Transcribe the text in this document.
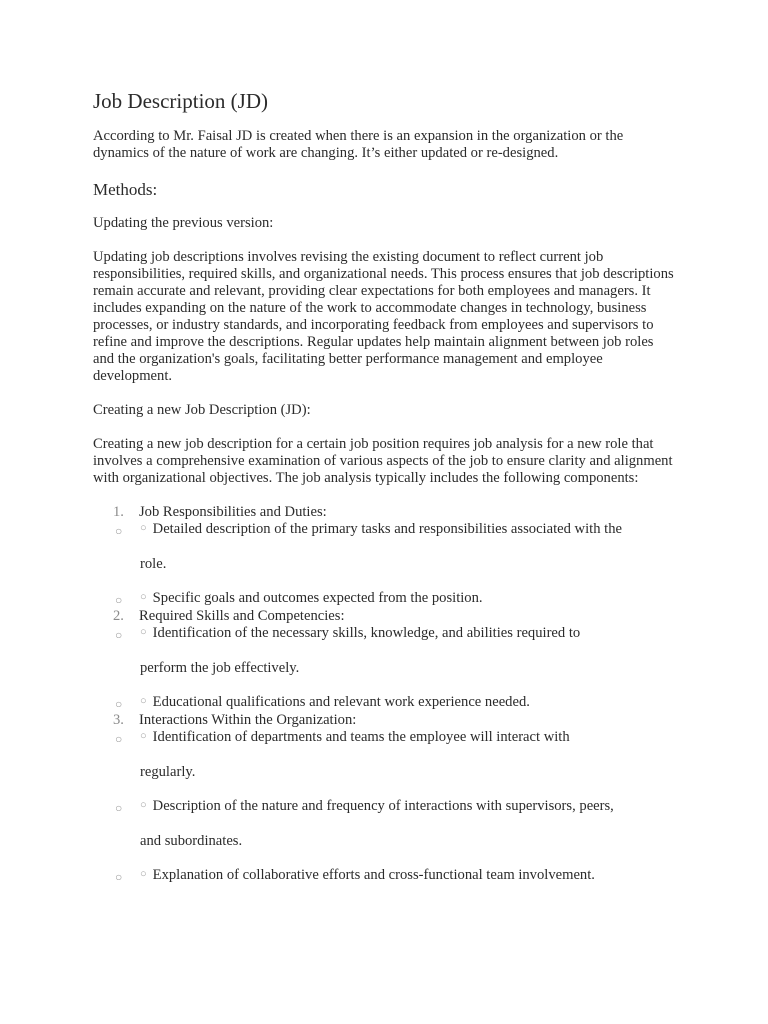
Job Description (JD)

According to Mr. Faisal JD is created when there is an expansion in the organization or the dynamics of the nature of work are changing. It’s either updated or re-designed.

Methods:

Updating the previous version:

Updating job descriptions involves revising the existing document to reflect current job responsibilities, required skills, and organizational needs. This process ensures that job descriptions remain accurate and relevant, providing clear expectations for both employees and managers. It includes expanding on the nature of the work to accommodate changes in technology, business processes, or industry standards, and incorporating feedback from employees and supervisors to refine and improve the descriptions. Regular updates help maintain alignment between job roles and the organization's goals, facilitating better performance management and employee development.

Creating a new Job Description (JD):

Creating a new job description for a certain job position requires job analysis for a new role that involves a comprehensive examination of various aspects of the job to ensure clarity and alignment with organizational objectives. The job analysis typically includes the following components:

1.	Job Responsibilities and Duties:
○ ○ Detailed description of the primary tasks and responsibilities associated with the
role.
○ ○ Specific goals and outcomes expected from the position.
2.	Required Skills and Competencies:
○ ○ Identification of the necessary skills, knowledge, and abilities required to
perform the job effectively.
○ ○ Educational qualifications and relevant work experience needed.
3.	Interactions Within the Organization:
○ ○ Identification of departments and teams the employee will interact with
regularly.
○ ○ Description of the nature and frequency of interactions with supervisors, peers,
and subordinates.
○ ○ Explanation of collaborative efforts and cross-functional team involvement.
